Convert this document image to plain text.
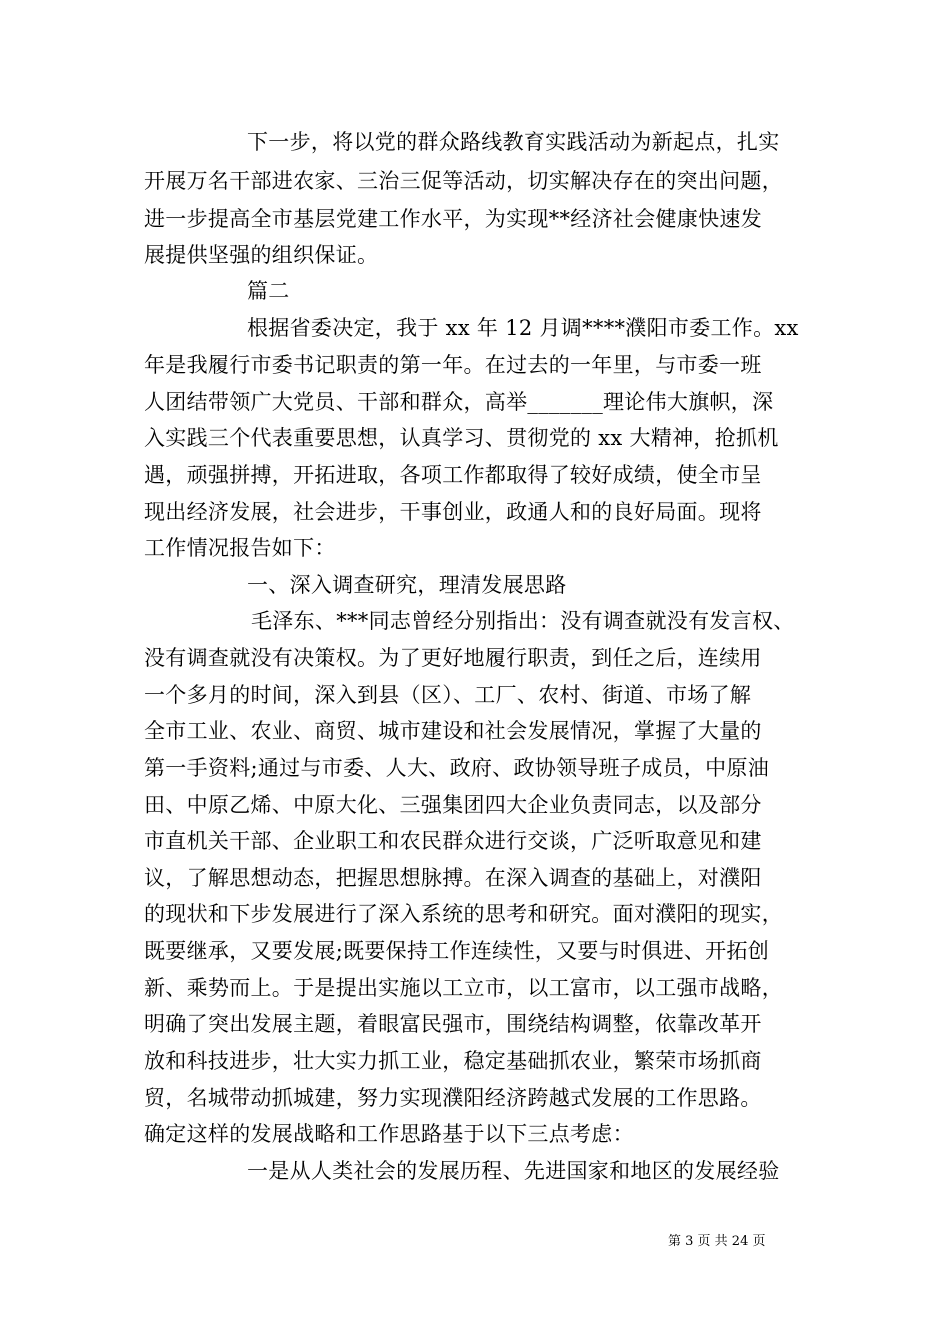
下一步，将以党的群众路线教育实践活动为新起点，扎实
开展万名干部进农家、三治三促等活动，切实解决存在的突出问题，
进一步提高全市基层党建工作水平，为实现**经济社会健康快速发
展提供坚强的组织保证。
篇二
根据省委决定，我于 xx 年 12 月调****濮阳市委工作。xx
年是我履行市委书记职责的第一年。在过去的一年里，与市委一班
人团结带领广大党员、干部和群众，高举_______理论伟大旗帜，深
入实践三个代表重要思想，认真学习、贯彻党的 xx 大精神，抢抓机
遇，顽强拼搏，开拓进取，各项工作都取得了较好成绩，使全市呈
现出经济发展，社会进步，干事创业，政通人和的良好局面。现将
工作情况报告如下：
一、深入调查研究，理清发展思路
毛泽东、***同志曾经分别指出：没有调查就没有发言权、
没有调查就没有决策权。为了更好地履行职责，到任之后，连续用
一个多月的时间，深入到县（区）、工厂、农村、街道、市场了解
全市工业、农业、商贸、城市建设和社会发展情况，掌握了大量的
第一手资料;通过与市委、人大、政府、政协领导班子成员，中原油
田、中原乙烯、中原大化、三强集团四大企业负责同志，以及部分
市直机关干部、企业职工和农民群众进行交谈，广泛听取意见和建
议，了解思想动态，把握思想脉搏。在深入调查的基础上，对濮阳
的现状和下步发展进行了深入系统的思考和研究。面对濮阳的现实，
既要继承，又要发展;既要保持工作连续性，又要与时俱进、开拓创
新、乘势而上。于是提出实施以工立市，以工富市，以工强市战略，
明确了突出发展主题，着眼富民强市，围绕结构调整，依靠改革开
放和科技进步，壮大实力抓工业，稳定基础抓农业，繁荣市场抓商
贸，名城带动抓城建，努力实现濮阳经济跨越式发展的工作思路。
确定这样的发展战略和工作思路基于以下三点考虑：
一是从人类社会的发展历程、先进国家和地区的发展经验
第 3 页 共 24 页
